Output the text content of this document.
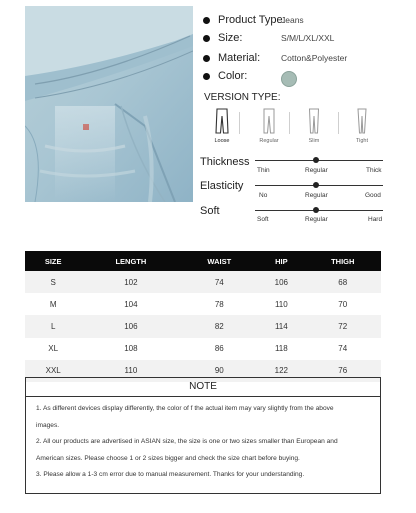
Product Type:
Jeans
Size:	S/M/L/XL/XXL
Material:	Cotton&Polyester
Color:
VERSION TYPE:
Loose	Regular	Slim	Tight
Thickness
Thin	Regular	Thick
Elasticity
No	Regular	Good
Soft
Soft	Regular	Hard
SIZE	LENGTH	WAIST	HIP	THIGH
S	102	74	106	68
M	104	78	110	70
L	106	82	114	72
XL	108	86	118	74
XXL	110	90	122	76
NOTE

1. As different devices display differently, the color of f the actual item may vary slightly from the above

images.

2. All our products are advertised in ASIAN size, the size is one or two sizes smaller than European and

American sizes. Please choose 1 or 2 sizes bigger and check the size chart before buying.

3. Please allow a 1-3 cm error due to manual measurement. Thanks for your understanding.
